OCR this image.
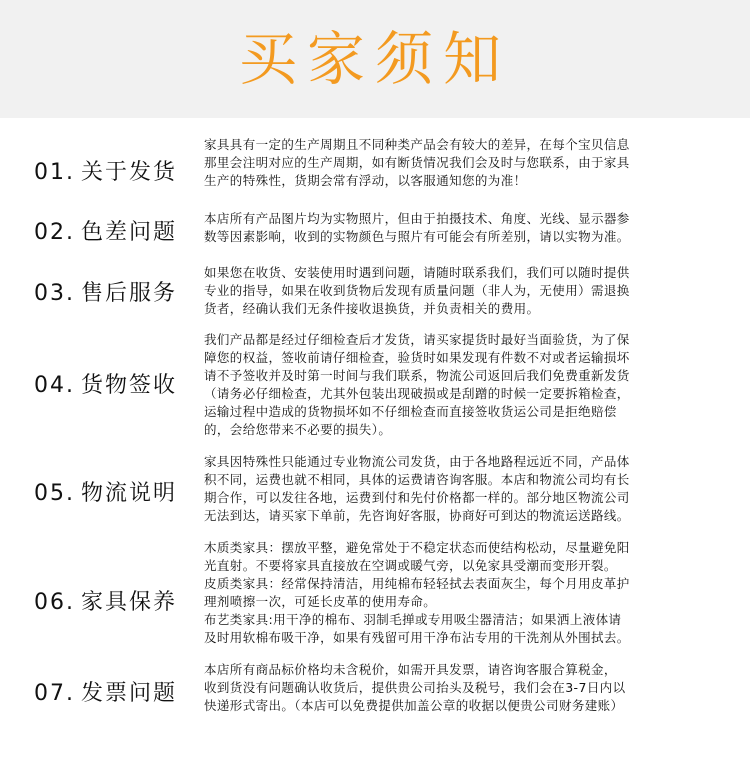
买家须知
01. 关于发货
家具具有一定的生产周期且不同种类产品会有较大的差异，在每个宝贝信息
那里会注明对应的生产周期，如有断货情况我们会及时与您联系，由于家具
生产的特殊性，货期会常有浮动，以客服通知您的为准！
02. 色差问题
本店所有产品图片均为实物照片，但由于拍摄技术、角度、光线、显示器参
数等因素影响，收到的实物颜色与照片有可能会有所差别，请以实物为准。
03. 售后服务
如果您在收货、安装使用时遇到问题，请随时联系我们，我们可以随时提供
专业的指导，如果在收到货物后发现有质量问题（非人为，无使用）需退换
货者，经确认我们无条件接收退换货，并负责相关的费用。
04. 货物签收
我们产品都是经过仔细检查后才发货，请买家提货时最好当面验货，为了保
障您的权益，签收前请仔细检查，验货时如果发现有件数不对或者运输损坏
请不予签收并及时第一时间与我们联系，物流公司返回后我们免费重新发货
（请务必仔细检查，尤其外包装出现破损或是刮蹭的时候一定要拆箱检查，
运输过程中造成的货物损坏如不仔细检查而直接签收货运公司是拒绝赔偿
的，会给您带来不必要的损失）。
05. 物流说明
家具因特殊性只能通过专业物流公司发货，由于各地路程远近不同，产品体
积不同，运费也就不相同，具体的运费请咨询客服。本店和物流公司均有长
期合作，可以发往各地，运费到付和先付价格都一样的。部分地区物流公司
无法到达，请买家下单前，先咨询好客服，协商好可到达的物流运送路线。
06. 家具保养
木质类家具：摆放平整，避免常处于不稳定状态而使结构松动，尽量避免阳
光直射。不要将家具直接放在空调或暖气旁，以免家具受潮而变形开裂。
皮质类家具：经常保持清洁，用纯棉布轻轻拭去表面灰尘，每个月用皮革护
理剂喷擦一次，可延长皮革的使用寿命。
布艺类家具:用干净的棉布、羽制毛掸或专用吸尘器清洁；如果洒上液体请
及时用软棉布吸干净，如果有残留可用干净布沾专用的干洗剂从外围拭去。
07. 发票问题
本店所有商品标价格均未含税价，如需开具发票，请咨询客服合算税金，
收到货没有问题确认收货后，提供贵公司抬头及税号，我们会在3-7日内以
快递形式寄出。（本店可以免费提供加盖公章的收据以便贵公司财务建账）
